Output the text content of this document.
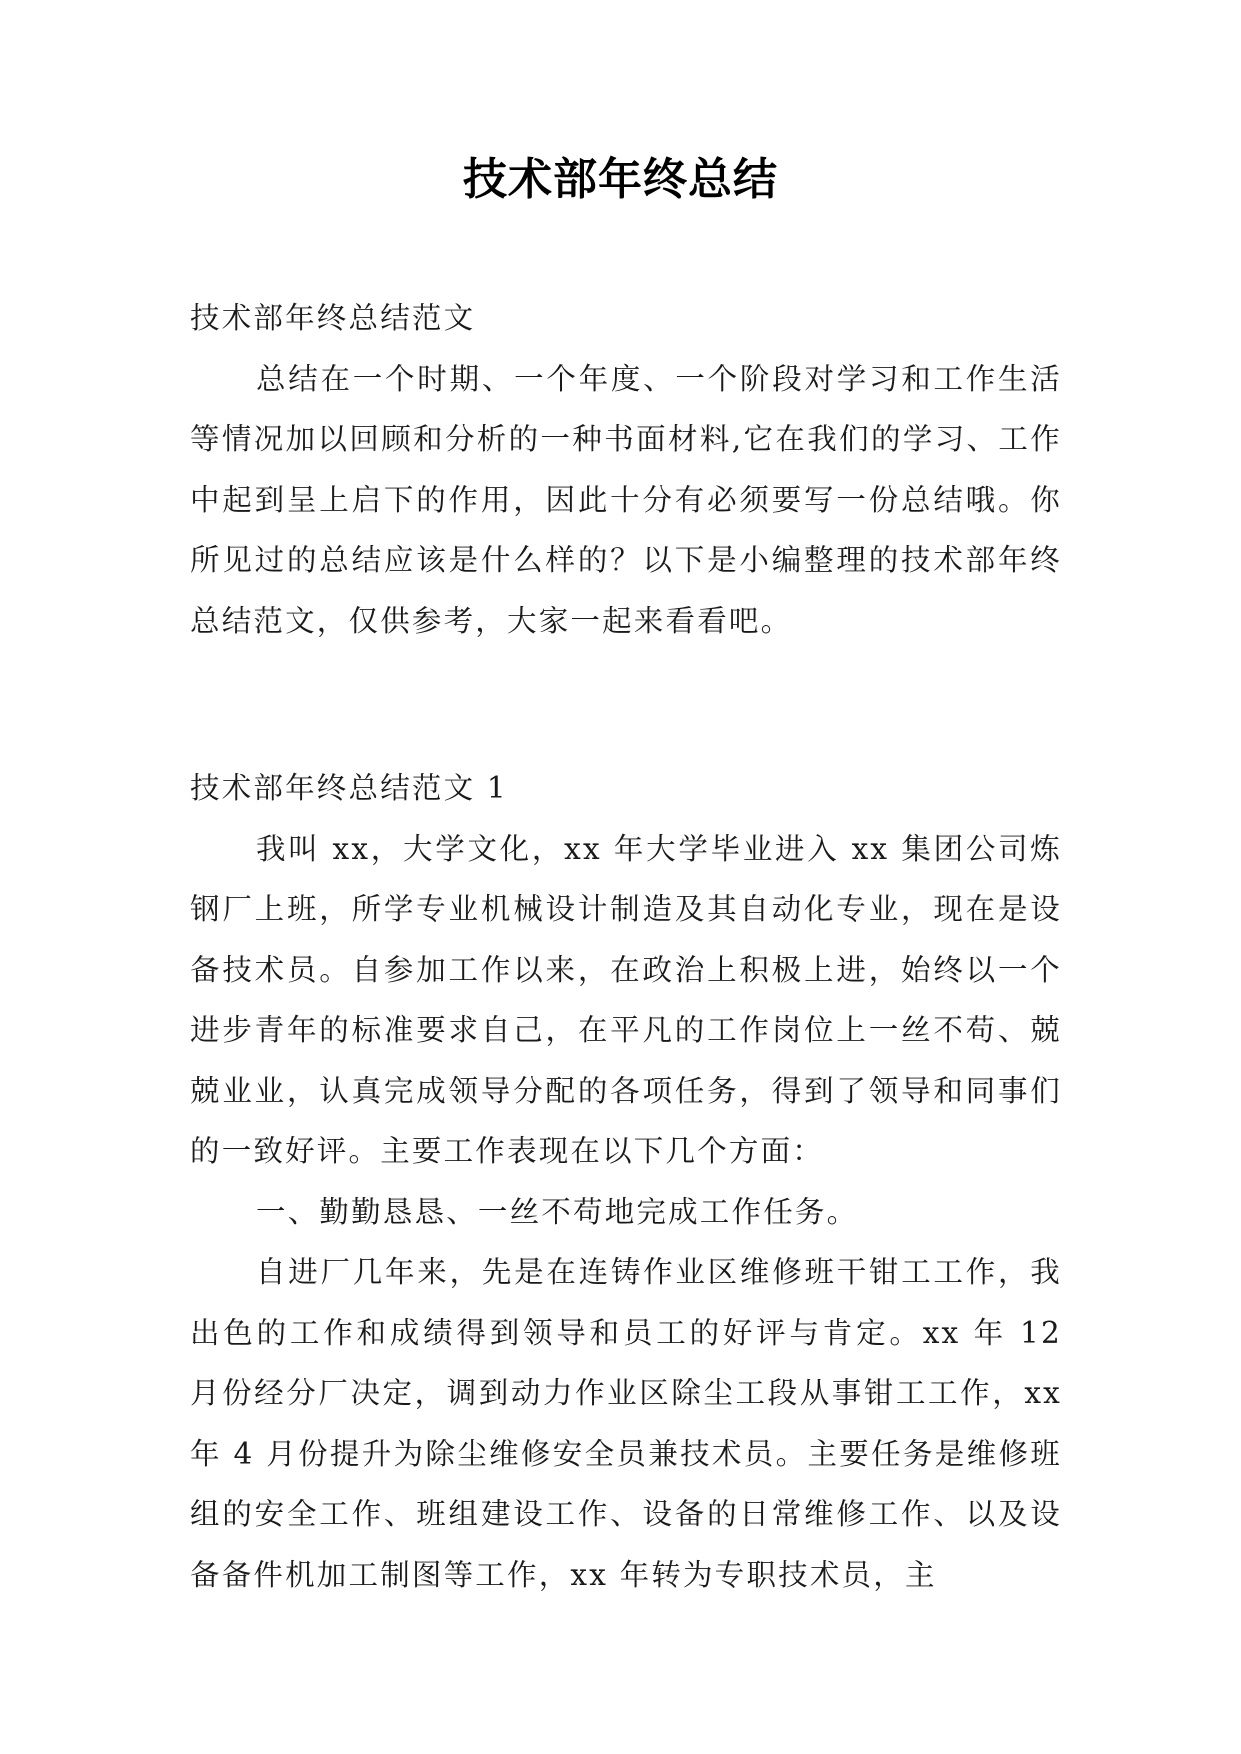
技术部年终总结

技术部年终总结范文

总结在一个时期、一个年度、一个阶段对学习和工作生活等情况加以回顾和分析的一种书面材料,它在我们的学习、工作中起到呈上启下的作用，因此十分有必须要写一份总结哦。你所见过的总结应该是什么样的？以下是小编整理的技术部年终总结范文，仅供参考，大家一起来看看吧。

技术部年终总结范文 1

我叫 xx，大学文化，xx 年大学毕业进入 xx 集团公司炼钢厂上班，所学专业机械设计制造及其自动化专业，现在是设备技术员。自参加工作以来，在政治上积极上进，始终以一个进步青年的标准要求自己，在平凡的工作岗位上一丝不苟、兢兢业业，认真完成领导分配的各项任务，得到了领导和同事们的一致好评。主要工作表现在以下几个方面：

一、勤勤恳恳、一丝不苟地完成工作任务。

自进厂几年来，先是在连铸作业区维修班干钳工工作，我出色的工作和成绩得到领导和员工的好评与肯定。xx 年 12 月份经分厂决定，调到动力作业区除尘工段从事钳工工作，xx 年 4 月份提升为除尘维修安全员兼技术员。主要任务是维修班组的安全工作、班组建设工作、设备的日常维修工作、以及设备备件机加工制图等工作，xx 年转为专职技术员，主
